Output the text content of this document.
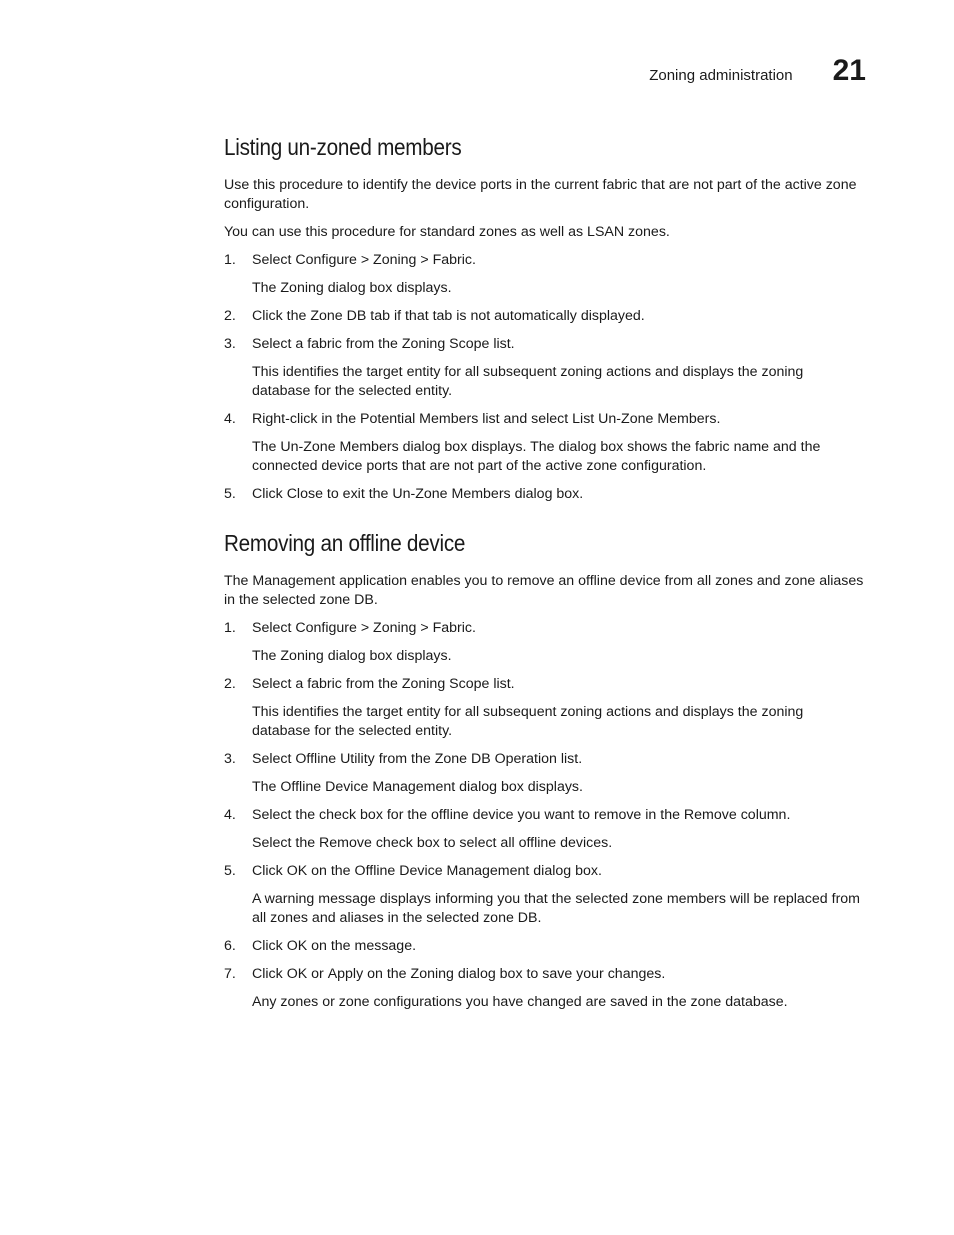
Zoning administration 21
Listing un-zoned members

Use this procedure to identify the device ports in the current fabric that are not part of the active zone configuration.

You can use this procedure for standard zones as well as LSAN zones.

1.	Select Configure > Zoning > Fabric.

The Zoning dialog box displays.

2.	Click the Zone DB tab if that tab is not automatically displayed.
3.	Select a fabric from the Zoning Scope list.

This identifies the target entity for all subsequent zoning actions and displays the zoning database for the selected entity.

4.	Right-click in the Potential Members list and select List Un-Zone Members.

The Un-Zone Members dialog box displays. The dialog box shows the fabric name and the connected device ports that are not part of the active zone configuration.

5.	Click Close to exit the Un-Zone Members dialog box.
Removing an offline device

The Management application enables you to remove an offline device from all zones and zone aliases in the selected zone DB.

1.	Select Configure > Zoning > Fabric.

The Zoning dialog box displays.

2.	Select a fabric from the Zoning Scope list.

This identifies the target entity for all subsequent zoning actions and displays the zoning database for the selected entity.

3.	Select Offline Utility from the Zone DB Operation list.

The Offline Device Management dialog box displays.

4.	Select the check box for the offline device you want to remove in the Remove column.

Select the Remove check box to select all offline devices.

5.	Click OK on the Offline Device Management dialog box.

A warning message displays informing you that the selected zone members will be replaced from all zones and aliases in the selected zone DB.

6.	Click OK on the message.
7.	Click OK or Apply on the Zoning dialog box to save your changes.

Any zones or zone configurations you have changed are saved in the zone database.
